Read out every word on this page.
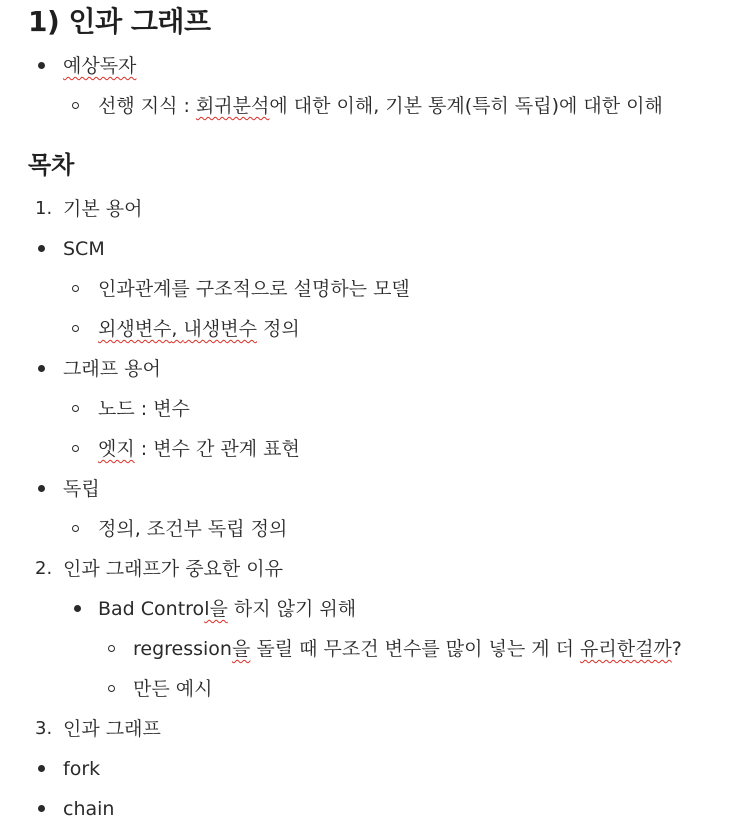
1) 인과 그래프
예상독자
선행 지식 : 회귀분석에 대한 이해, 기본 통계(특히 독립)에 대한 이해
목차
1. 기본 용어
SCM
인과관계를 구조적으로 설명하는 모델
외생변수, 내생변수 정의
그래프 용어
노드 : 변수
엣지 : 변수 간 관계 표현
독립
정의, 조건부 독립 정의
2. 인과 그래프가 중요한 이유
Bad Control을 하지 않기 위해
regression을 돌릴 때 무조건 변수를 많이 넣는 게 더 유리한걸까?
만든 예시
3. 인과 그래프
fork
chain
